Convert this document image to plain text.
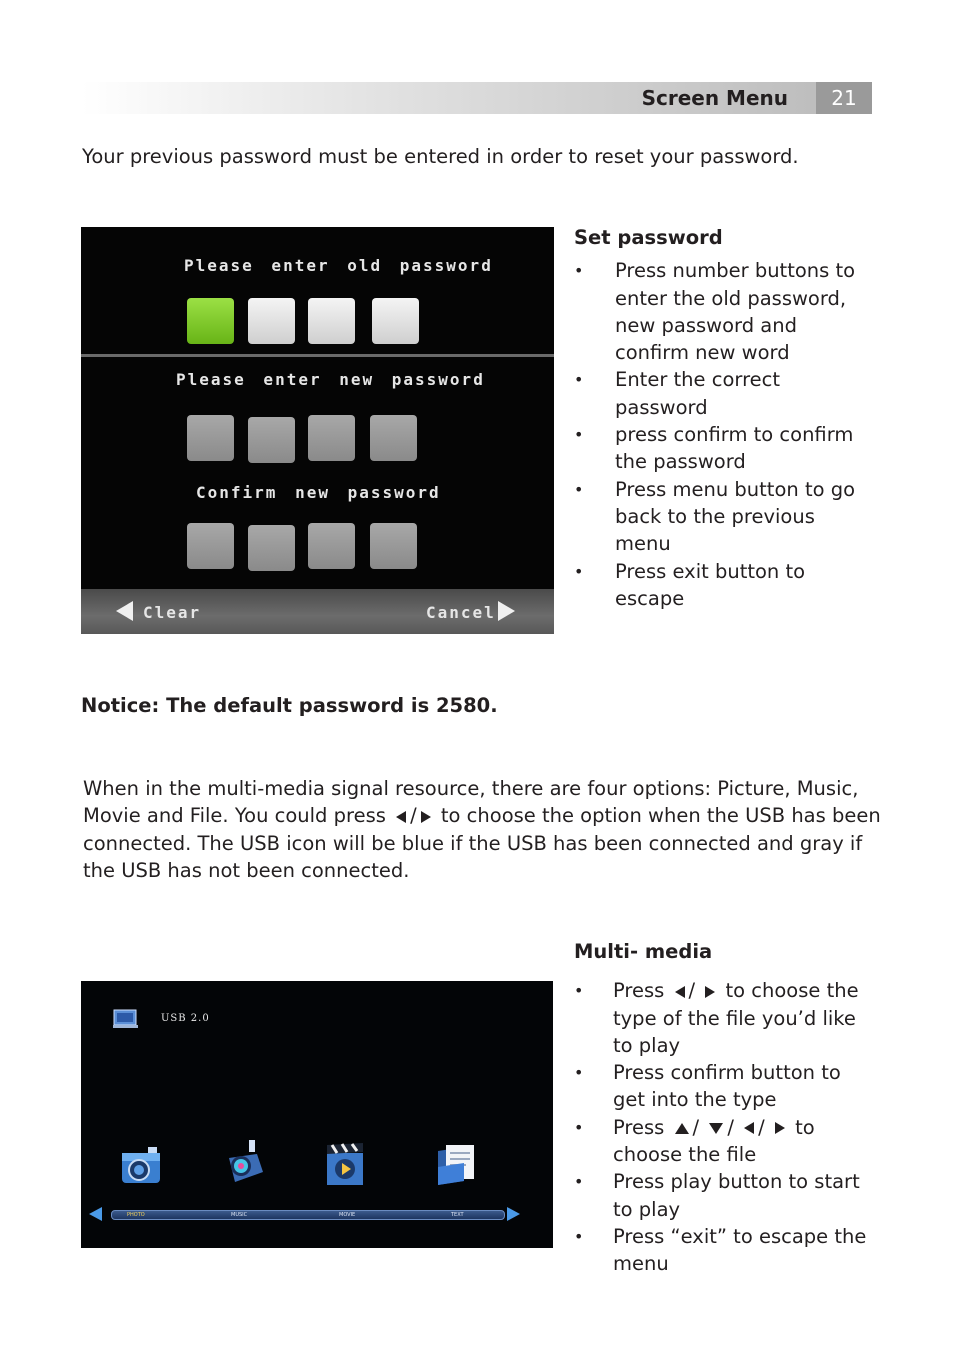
Screen Menu	21
Your previous password must be entered in order to reset your password.
Please enter old password
Please enter new password
Confirm new password
Clear	Cancel
Set password
• Press number buttons to enter the old password, new password and confirm new word
• Enter the correct password
• press confirm to confirm the password
• Press menu button to go back to the previous menu
• Press exit button to escape
Notice: The default password is 2580.
When in the multi-media signal resource, there are four options: Picture, Music, Movie and File. You could press / to choose the option when the USB has been connected. The USB icon will be blue if the USB has been connected and gray if the USB has not been connected.
Multi- media
• Press / to choose the type of the file you’d like to play
• Press confirm button to get into the type
• Press / / / to choose the file
• Press play button to start to play
• Press “exit” to escape the menu
USB 2.0
PHOTO	MUSIC	MOVIE	TEXT
